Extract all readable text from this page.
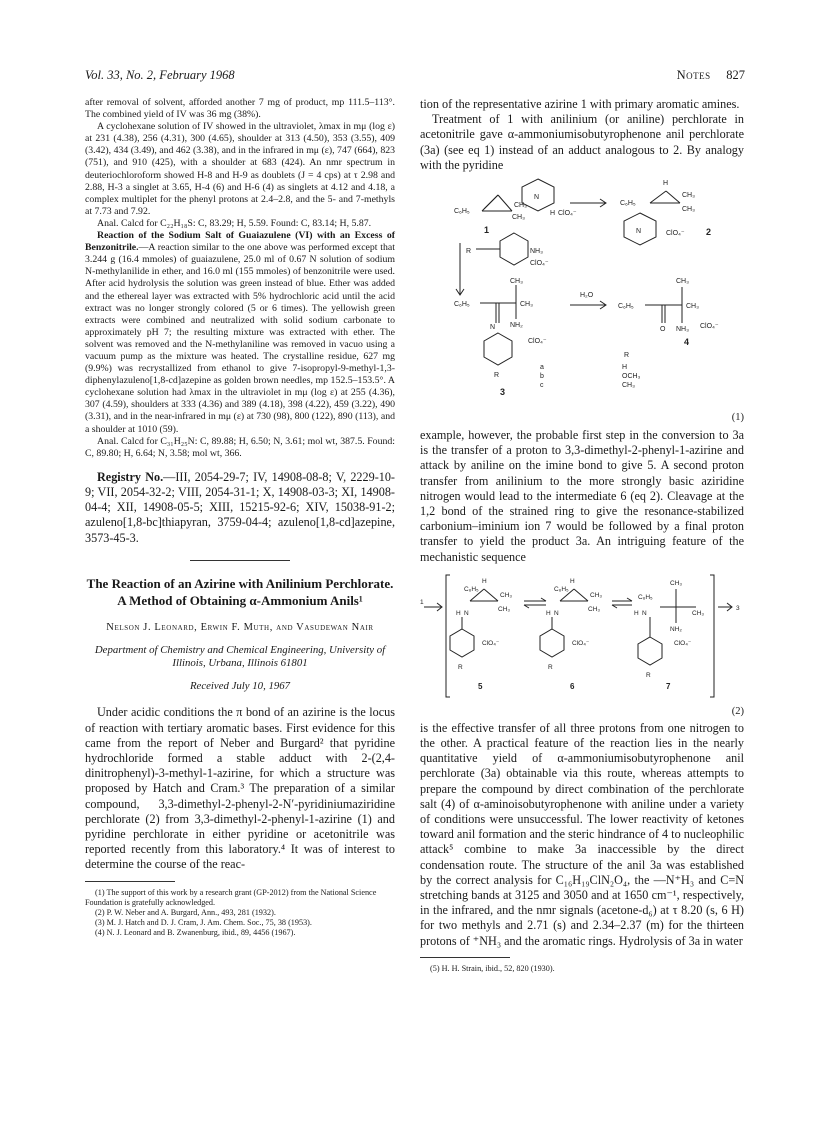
Vol. 33, No. 2, February 1968	Notes 827

after removal of solvent, afforded another 7 mg of product, mp 111.5–113°. The combined yield of IV was 36 mg (38%).

A cyclohexane solution of IV showed in the ultraviolet, λmax in mμ (log ε) at 231 (4.38), 256 (4.31), 300 (4.65), shoulder at 313 (4.50), 353 (3.55), 409 (3.42), 434 (3.49), and 462 (3.38), and in the infrared in mμ (ε), 747 (664), 823 (751), and 910 (425), with a shoulder at 683 (424). An nmr spectrum in deuteriochloroform showed H-8 and H-9 as doublets (J = 4 cps) at τ 2.98 and 2.88, H-3 a singlet at 3.65, H-4 (6) and H-6 (4) as singlets at 4.12 and 4.18, a complex multiplet for the phenyl protons at 2.4–2.8, and the 5- and 7-methyls at 7.73 and 7.92.

Anal. Calcd for C₂₂H₁₈S: C, 83.29; H, 5.59. Found: C, 83.14; H, 5.87.

Reaction of the Sodium Salt of Guaiazulene (VI) with an Excess of Benzonitrile.—A reaction similar to the one above was performed except that 3.244 g (16.4 mmoles) of guaiazulene, 25.0 ml of 0.67 N solution of sodium N-methylanilide in ether, and 16.0 ml (155 mmoles) of benzonitrile were used. After acid hydrolysis the solution was green instead of blue. Ether was added and the ethereal layer was extracted with 5% hydrochloric acid until the acid extract was no longer strongly colored (5 or 6 times). The yellowish green extracts were combined and neutralized with solid sodium carbonate to approximately pH 7; the resulting mixture was extracted with ether. The solvent was removed and the N-methylaniline was removed in vacuo using a vacuum pump as the mixture was heated. The crystalline residue, 627 mg (9.9%) was recrystallized from ethanol to give 7-isopropyl-9-methyl-1,3-diphenylazuleno[1,8-cd]azepine as golden brown needles, mp 152.5–153.5°. A cyclohexane solution had λmax in the ultraviolet in mμ (log ε) at 255 (4.36), 307 (4.59), shoulders at 333 (4.36) and 389 (4.18), 398 (4.22), 459 (3.22), 490 (3.31), and in the near-infrared in mμ (ε) at 730 (98), 800 (122), 890 (113), and a shoulder at 1010 (59).

Anal. Calcd for C₃₁H₂₅N: C, 89.88; H, 6.50; N, 3.61; mol wt, 387.5. Found: C, 89.80; H, 6.64; N, 3.58; mol wt, 366.

Registry No.—III, 2054-29-7; IV, 14908-08-8; V, 2229-10-9; VII, 2054-32-2; VIII, 2054-31-1; X, 14908-03-3; XI, 14908-04-4; XII, 14908-05-5; XIII, 15215-92-6; XIV, 15038-91-2; azuleno[1,8-bc]thiapyran, 3759-04-4; azuleno[1,8-cd]azepine, 3573-45-3.

The Reaction of an Azirine with Anilinium Perchlorate. A Method of Obtaining α-Ammonium Anils¹
Nelson J. Leonard, Erwin F. Muth, and Vasudewan Nair
Department of Chemistry and Chemical Engineering, University of Illinois, Urbana, Illinois 61801
Received July 10, 1967

Under acidic conditions the π bond of an azirine is the locus of reaction with tertiary aromatic bases. First evidence for this came from the report of Neber and Burgard² that pyridine hydrochloride formed a stable adduct with 2-(2,4-dinitrophenyl)-3-methyl-1-azirine, for which a structure was proposed by Hatch and Cram.³ The preparation of a similar compound, 3,3-dimethyl-2-phenyl-2-N′-pyridiniumaziridine perchlorate (2) from 3,3-dimethyl-2-phenyl-1-azirine (1) and pyridine perchlorate in either pyridine or acetonitrile was reported recently from this laboratory.⁴ It was of interest to determine the course of the reac-

(1) The support of this work by a research grant (GP-2012) from the National Science Foundation is gratefully acknowledged.

(2) P. W. Neber and A. Burgard, Ann., 493, 281 (1932).

(3) M. J. Hatch and D. J. Cram, J. Am. Chem. Soc., 75, 38 (1953).

(4) N. J. Leonard and B. Zwanenburg, ibid., 89, 4456 (1967).

tion of the representative azirine 1 with primary aromatic amines.

Treatment of 1 with anilinium (or aniline) perchlorate in acetonitrile gave α-ammoniumisobutyrophenone anil perchlorate (3a) (see eq 1) instead of an adduct analogous to 2. By analogy with the pyridine

C₆H₅
CH₃
CH₃
N
H ClO₄⁻
C₆H₅
H
CH₃
CH₃
N	ClO₄⁻
R	NH₃
ClO₄⁻
C₆H₅
CH₃
CH₃
NH₂
N
ClO₄⁻
R
H₂O
C₆H₅
CH₃
CH₃
O NH₃ ClO₄⁻
R
H
OCH₃
CH₃
a
b
c
1	2
3
4
(1)

example, however, the probable first step in the conversion to 3a is the transfer of a proton to 3,3-dimethyl-2-phenyl-1-azirine and attack by aniline on the imine bond to give 5. A second proton transfer from anilinium to the more strongly basic aziridine nitrogen would lead to the intermediate 6 (eq 2). Cleavage at the 1,2 bond of the strained ring to give the resonance-stabilized carbonium–iminium ion 7 would be followed by a final proton transfer to yield the product 3a. An intriguing feature of the mechanistic sequence

1
3
C₆H₅
H
CH₃
CH₃
H N
ClO₄⁻
R
C₆H₅
H
CH₃
CH₃
H N
ClO₄⁻
R
C₆H₅
CH₃
CH₃
H N
NH₂
ClO₄⁻
R
5	6	7
(2)

is the effective transfer of all three protons from one nitrogen to the other. A practical feature of the reaction lies in the nearly quantitative yield of α-ammoniumisobutyrophenone anil perchlorate (3a) obtainable via this route, whereas attempts to prepare the compound by direct combination of the perchlorate salt (4) of α-aminoisobutyrophenone with aniline under a variety of conditions were unsuccessful. The lower reactivity of ketones toward anil formation and the steric hindrance of 4 to nucleophilic attack⁵ combine to make 3a inaccessible by the direct condensation route. The structure of the anil 3a was established by the correct analysis for C₁₆H₁₉ClN₂O₄, the —N⁺H₃ and C=N stretching bands at 3125 and 3050 and at 1650 cm⁻¹, respectively, in the infrared, and the nmr signals (acetone-d₆) at τ 8.20 (s, 6 H) for two methyls and 2.71 (s) and 2.34–2.37 (m) for the thirteen protons of ⁺NH₃ and the aromatic rings. Hydrolysis of 3a in water

(5) H. H. Strain, ibid., 52, 820 (1930).
